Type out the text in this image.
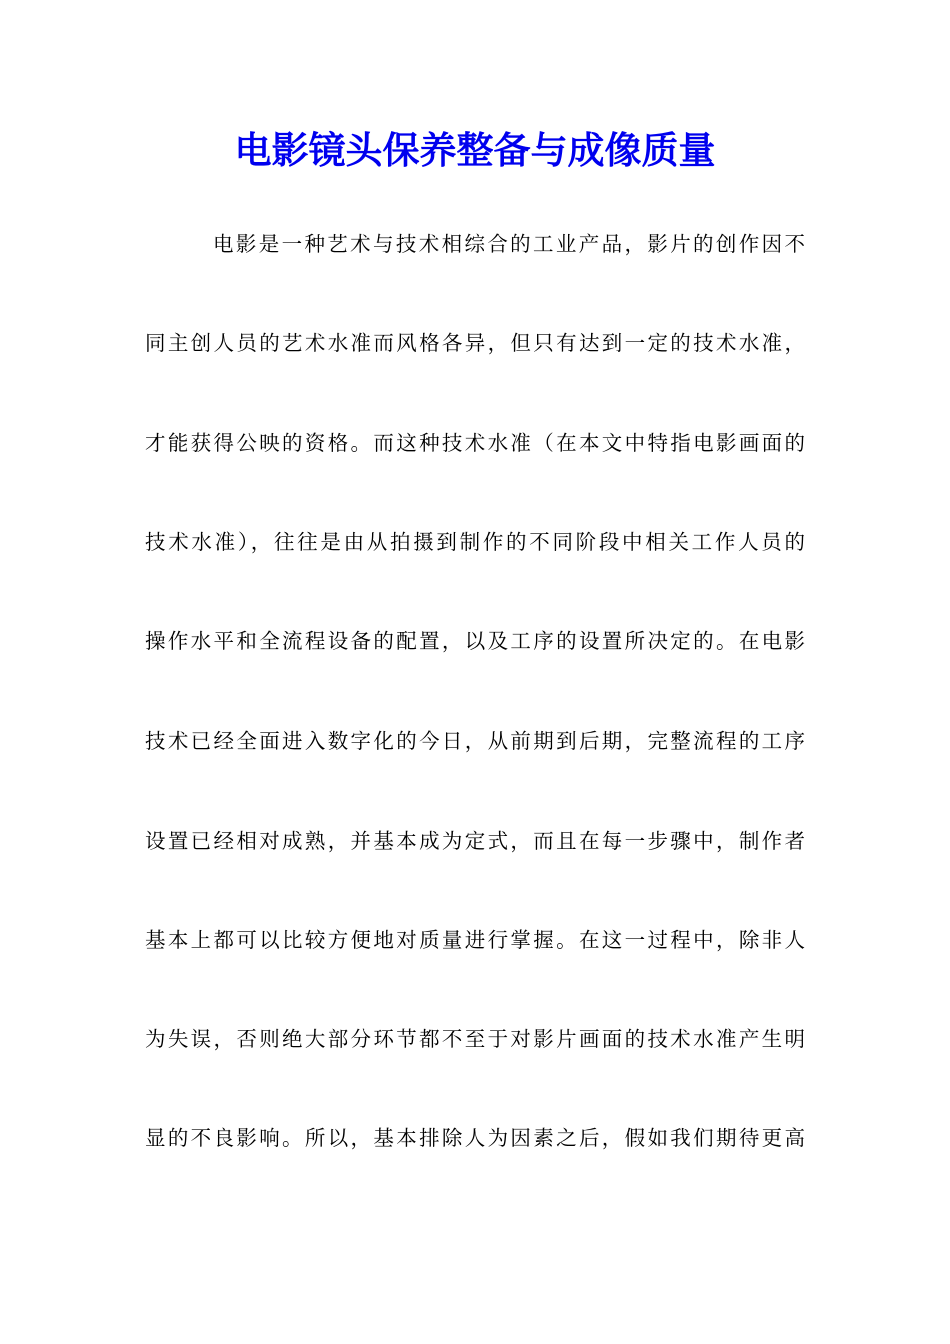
电影镜头保养整备与成像质量
电影是一种艺术与技术相综合的工业产品，影片的创作因不
同主创人员的艺术水准而风格各异，但只有达到一定的技术水准，
才能获得公映的资格。而这种技术水准（在本文中特指电影画面的
技术水准），往往是由从拍摄到制作的不同阶段中相关工作人员的
操作水平和全流程设备的配置，以及工序的设置所决定的。在电影
技术已经全面进入数字化的今日，从前期到后期，完整流程的工序
设置已经相对成熟，并基本成为定式，而且在每一步骤中，制作者
基本上都可以比较方便地对质量进行掌握。在这一过程中，除非人
为失误，否则绝大部分环节都不至于对影片画面的技术水准产生明
显的不良影响。所以，基本排除人为因素之后，假如我们期待更高
